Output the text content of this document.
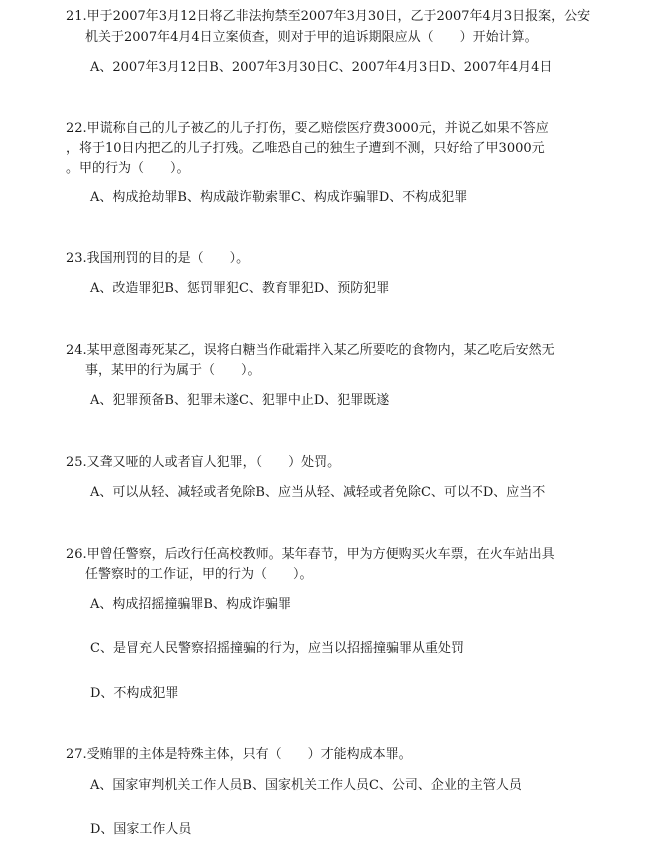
21.甲于2007年3月12日将乙非法拘禁至2007年3月30日，乙于2007年4月3日报案，公安
机关于2007年4月4日立案侦查，则对于甲的追诉期限应从（　　）开始计算。
A、2007年3月12日B、2007年3月30日C、2007年4月3日D、2007年4月4日
22.甲谎称自己的儿子被乙的儿子打伤，要乙赔偿医疗费3000元，并说乙如果不答应
，将于10日内把乙的儿子打残。乙唯恐自己的独生子遭到不测，只好给了甲3000元
。甲的行为（　　）。
A、构成抢劫罪B、构成敲诈勒索罪C、构成诈骗罪D、不构成犯罪
23.我国刑罚的目的是（　　）。
A、改造罪犯B、惩罚罪犯C、教育罪犯D、预防犯罪
24.某甲意图毒死某乙，误将白糖当作砒霜拌入某乙所要吃的食物内，某乙吃后安然无
事，某甲的行为属于（　　）。
A、犯罪预备B、犯罪未遂C、犯罪中止D、犯罪既遂
25.又聋又哑的人或者盲人犯罪，（　　）处罚。
A、可以从轻、减轻或者免除B、应当从轻、减轻或者免除C、可以不D、应当不
26.甲曾任警察，后改行任高校教师。某年春节，甲为方便购买火车票，在火车站出具
任警察时的工作证，甲的行为（　　）。
A、构成招摇撞骗罪B、构成诈骗罪
C、是冒充人民警察招摇撞骗的行为，应当以招摇撞骗罪从重处罚
D、不构成犯罪
27.受贿罪的主体是特殊主体，只有（　　）才能构成本罪。
A、国家审判机关工作人员B、国家机关工作人员C、公司、企业的主管人员
D、国家工作人员
